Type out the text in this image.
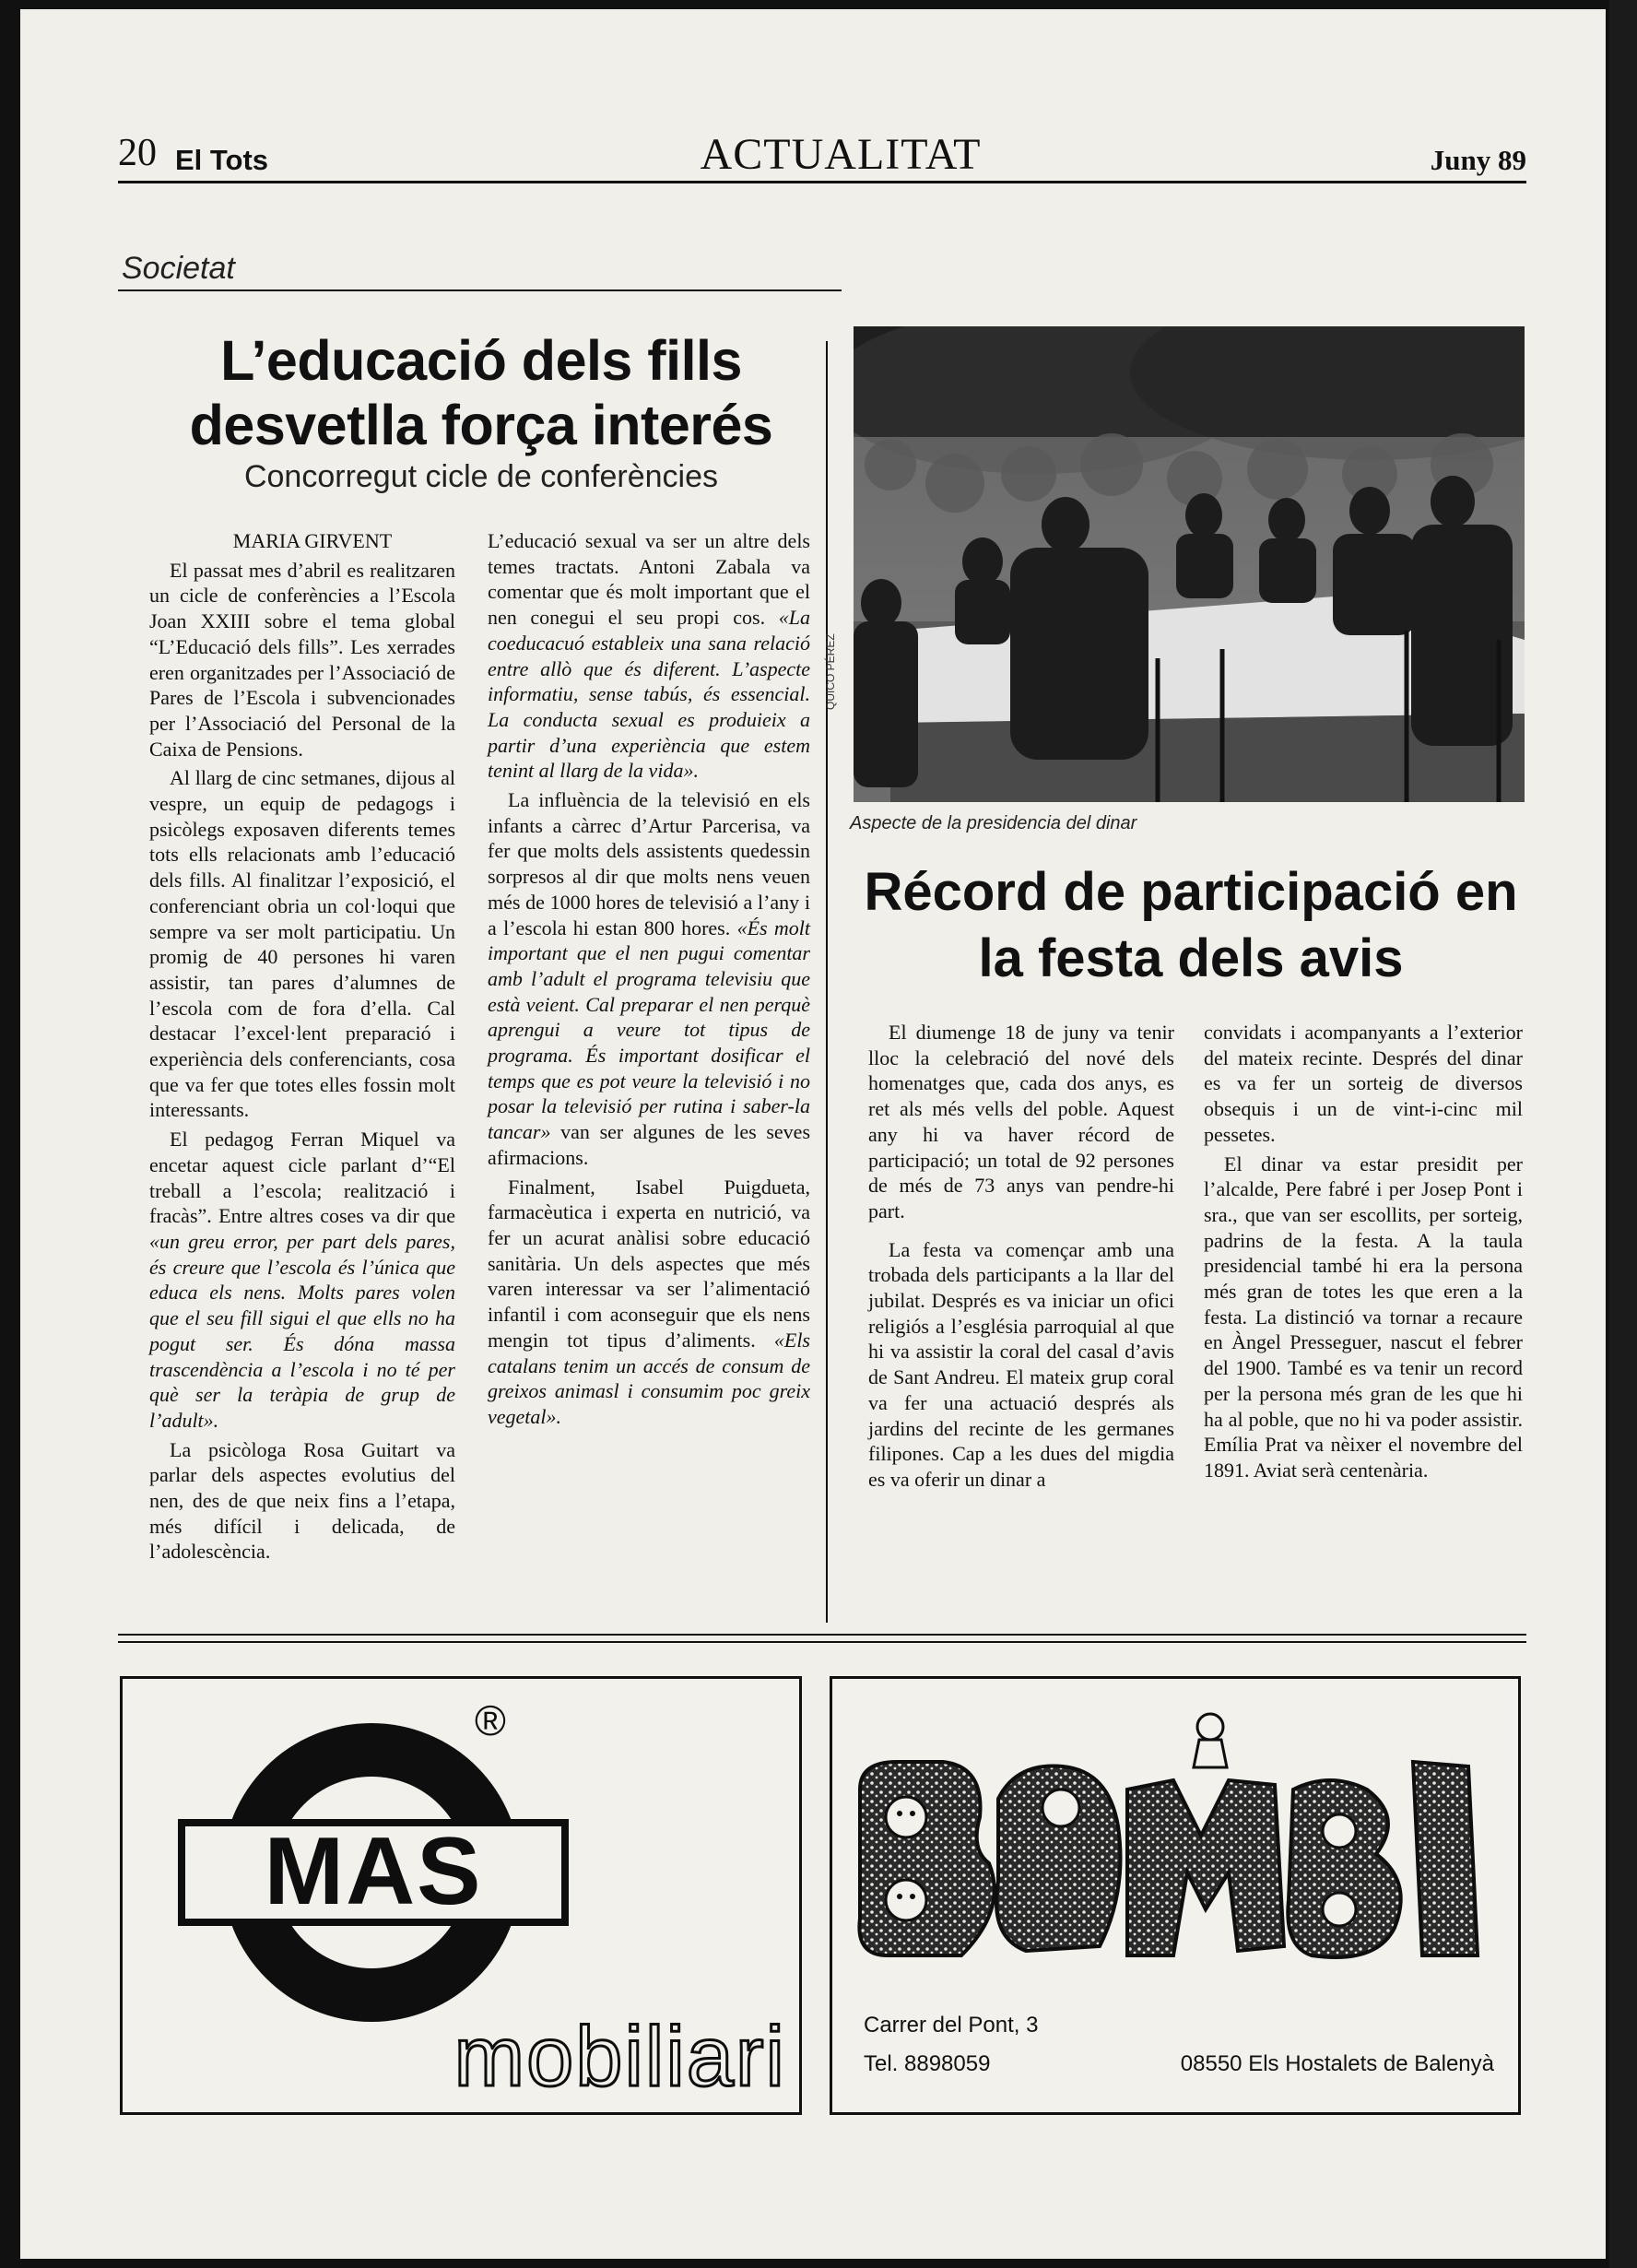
20 El Tots	ACTUALITAT	Juny 89
Societat
L’educació dels fills desvetlla força interés
Concorregut cicle de conferències

MARIA GIRVENT

El passat mes d’abril es realitzaren un cicle de conferències a l’Escola Joan XXIII sobre el tema global “L’Educació dels fills”. Les xerrades eren organitzades per l’Associació de Pares de l’Escola i subvencionades per l’Associació del Personal de la Caixa de Pensions.

Al llarg de cinc setmanes, dijous al vespre, un equip de pedagogs i psicòlegs exposaven diferents temes tots ells relacionats amb l’educació dels fills. Al finalitzar l’exposició, el conferenciant obria un col·loqui que sempre va ser molt participatiu. Un promig de 40 persones hi varen assistir, tan pares d’alumnes de l’escola com de fora d’ella. Cal destacar l’excel·lent preparació i experiència dels conferenciants, cosa que va fer que totes elles fossin molt interessants.

El pedagog Ferran Miquel va encetar aquest cicle parlant d’“El treball a l’escola; realització i fracàs”. Entre altres coses va dir que «un greu error, per part dels pares, és creure que l’escola és l’única que educa els nens. Molts pares volen que el seu fill sigui el que ells no ha pogut ser. És dóna massa trascendència a l’escola i no té per què ser la teràpia de grup de l’adult».

La psicòloga Rosa Guitart va parlar dels aspectes evolutius del nen, des de que neix fins a l’etapa, més difícil i delicada, de l’adolescència.

L’educació sexual va ser un altre dels temes tractats. Antoni Zabala va comentar que és molt important que el nen conegui el seu propi cos. «La coeducacuó estableix una sana relació entre allò que és diferent. L’aspecte informatiu, sense tabús, és essencial. La conducta sexual es produieix a partir d’una experiència que estem tenint al llarg de la vida».

La influència de la televisió en els infants a càrrec d’Artur Parcerisa, va fer que molts dels assistents quedessin sorpresos al dir que molts nens veuen més de 1000 hores de televisió a l’any i a l’escola hi estan 800 hores. «És molt important que el nen pugui comentar amb l’adult el programa televisiu que està veient. Cal preparar el nen perquè aprengui a veure tot tipus de programa. És important dosificar el temps que es pot veure la televisió i no posar la televisió per rutina i saber-la tancar» van ser algunes de les seves afirmacions.

Finalment, Isabel Puigdueta, farmacèutica i experta en nutrició, va fer un acurat anàlisi sobre educació sanitària. Un dels aspectes que més varen interessar va ser l’alimentació infantil i com aconseguir que els nens mengin tot tipus d’aliments. «Els catalans tenim un accés de consum de greixos animasl i consumim poc greix vegetal».

QUICO PÉREZ
Aspecte de la presidencia del dinar
Récord de participació en la festa dels avis

El diumenge 18 de juny va tenir lloc la celebració del nové dels homenatges que, cada dos anys, es ret als més vells del poble. Aquest any hi va haver récord de participació; un total de 92 persones de més de 73 anys van pendre-hi part.

La festa va començar amb una trobada dels participants a la llar del jubilat. Després es va iniciar un ofici religiós a l’església parroquial al que hi va assistir la coral del casal d’avis de Sant Andreu. El mateix grup coral va fer una actuació després als jardins del recinte de les germanes filipones. Cap a les dues del migdia es va oferir un dinar a

convidats i acompanyants a l’exterior del mateix recinte. Després del dinar es va fer un sorteig de diversos obsequis i un de vint-i-cinc mil pessetes.

El dinar va estar presidit per l’alcalde, Pere fabré i per Josep Pont i sra., que van ser escollits, per sorteig, padrins de la festa. A la taula presidencial també hi era la persona més gran de totes les que eren a la festa. La distinció va tornar a recaure en Àngel Presseguer, nascut el febrer del 1900. També es va tenir un record per la persona més gran de les que hi ha al poble, que no hi va poder assistir. Emília Prat va nèixer el novembre del 1891. Aviat serà centenària.

MAS
®
mobiliari	Carrer del Pont, 3
Tel. 8898059	08550 Els Hostalets de Balenyà
